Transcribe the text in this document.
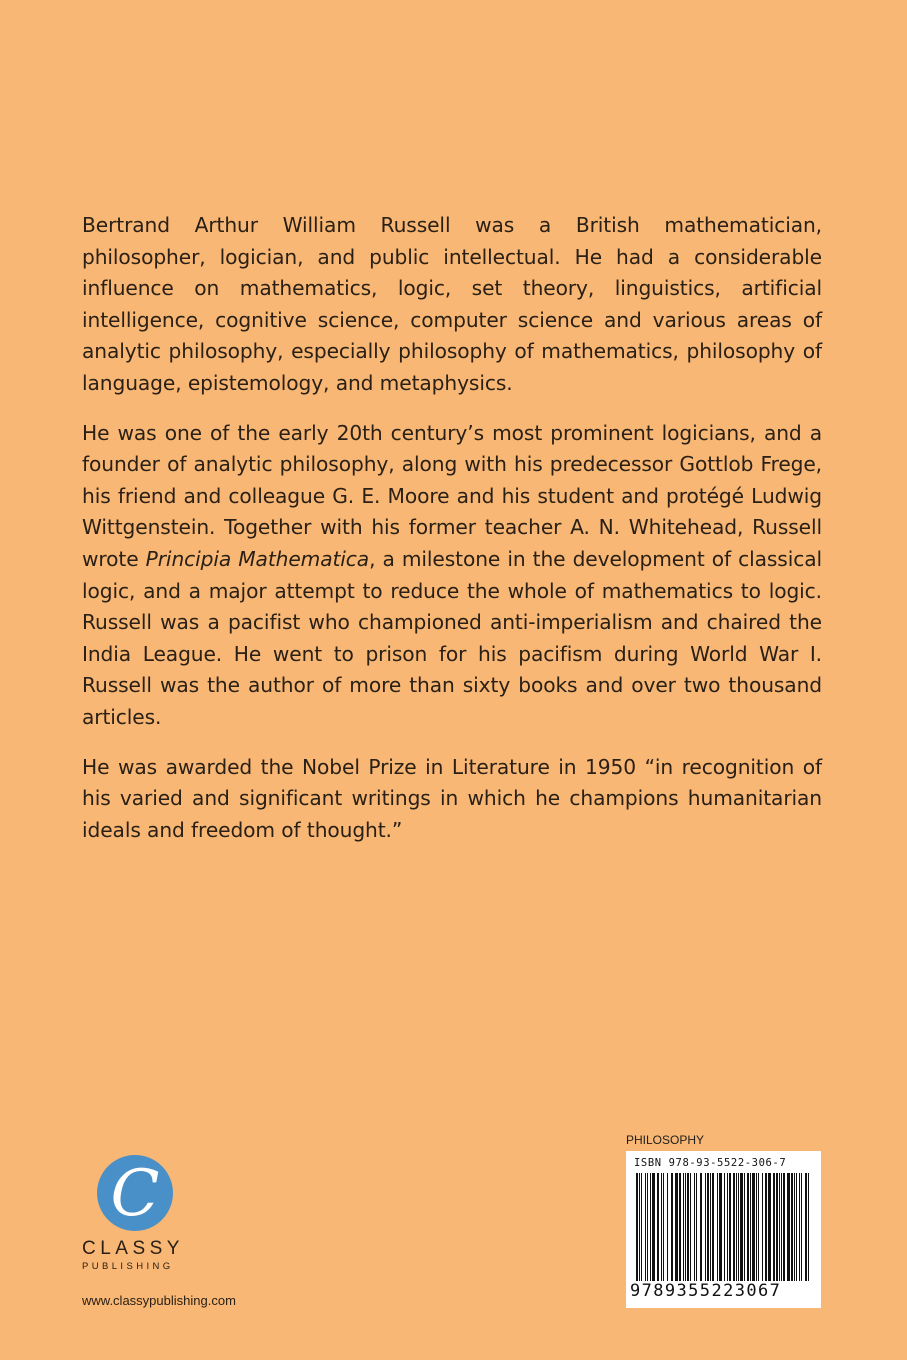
Bertrand Arthur William Russell was a British mathematician, philosopher, logician, and public intellectual. He had a considerable influence on mathematics, logic, set theory, linguistics, artificial intelligence, cognitive science, computer science and various areas of analytic philosophy, especially philosophy of mathematics, philosophy of language, epistemology, and metaphysics.

He was one of the early 20th century’s most prominent logicians, and a founder of analytic philosophy, along with his predecessor Gottlob Frege, his friend and colleague G. E. Moore and his student and protégé Ludwig Wittgenstein. Together with his former teacher A. N. Whitehead, Russell wrote Principia Mathematica, a milestone in the development of classical logic, and a major attempt to reduce the whole of mathematics to logic. Russell was a pacifist who championed anti-imperialism and chaired the India League. He went to prison for his pacifism during World War I. Russell was the author of more than sixty books and over two thousand articles.

He was awarded the Nobel Prize in Literature in 1950 “in recognition of his varied and significant writings in which he champions humanitarian ideals and freedom of thought.”

C
CLASSY
PUBLISHING
www.classypublishing.com
PHILOSOPHY
ISBN 978-93-5522-306-7
9789355223067
